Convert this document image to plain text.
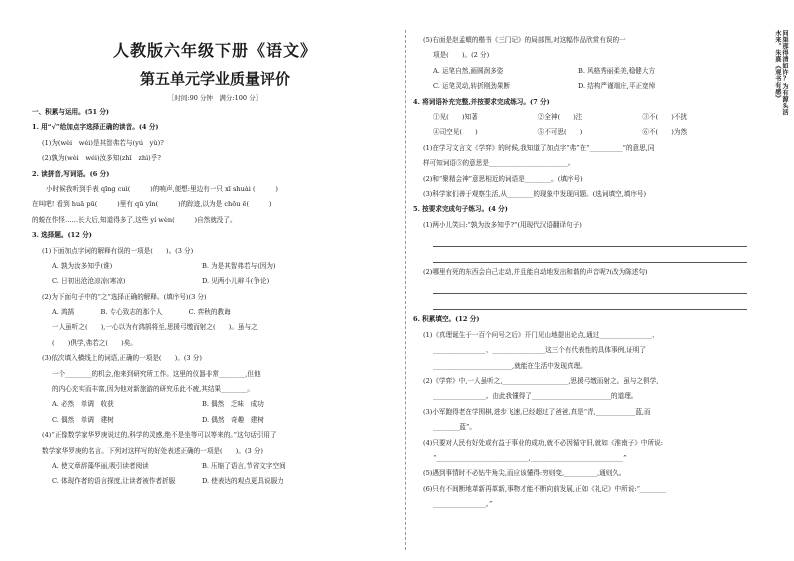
人教版六年级下册《语文》
第五单元学业质量评价
［时间:90 分钟　满分:100 分］
一、积累与运用。(51 分)
1. 用“√”给加点字选择正确的读音。(4 分)
(1)为(wèi　wéi)是其智弗若与(yú　yǔ)?
(2)孰为(wèi　wéi)汝多知(zhī　zhì)乎?
2. 读拼音,写词语。(6 分)
小时候我听到手表 qīng cuì(　　　)的响声,便想:里边有一只 xī shuài (　　　)
在叫吧! 看到 huā pū(　　　)里有 qū yǐn(　　　)的踪迹,以为是 chōu ē(　　　)
的蜕在作怪……长大后,知道得多了,这些 yí wèn(　　　)自然就没了。
3. 选择题。(12 分)
(1)下面加点字词的解释有误的一项是(　　)。(3 分)
A. 孰为汝多知乎(谁)	B. 为是其智弗若与(因为)
C. 日初出沧沧凉凉(寒凉)	D. 见两小儿辩斗(争论)
(2)为下面句子中的“之”选择正确的解释。(填序号)(3 分)
A. 鸿鹄　　　　B. 专心致志的那个人　　　　C. 弈秋的教诲
一人虽听之(　　),一心以为有鸿鹄将至,思援弓缴而射之(　　)。虽与之
(　　)俱学,弗若之(　　)矣。
(3)依次填入横线上的词语,正确的一项是(　　)。(3 分)
一个________的机会,他来到研究所工作。这里的仪器非常________,但他
的内心充实而丰富,因为他对新旅游的研究乐此不疲,其结果________。
A. 必然　单调　收获	B. 偶然　乏味　成功
C. 偶然　单调　建树	D. 偶然　奇趣　建树
(4)“正像数学家华罗庚说过的,科学的灵感,绝不是坐等可以等来的。”这句话引用了
数学家华罗庚的名言。下列对这样写的好处表述正确的一项是(　　)。(3 分)
A. 使文章辞藻华丽,吸引读者阅读	B. 压缩了语言,节省文字空间
C. 体现作者的语言探度,让读者被作者折服	D. 使表达的观点更具说服力
(5)右面是赵孟頫的楷书《三门记》的局部图,对这幅作品欣赏有误的一
项是(　　)。(2 分)
A. 运笔自然,画圆润多姿	B. 风格秀丽柔美,稳健大方
C. 运笔灵动,转折刚劲果断	D. 结构严谨端庄,平正宽绰
4. 将词语补充完整,并按要求完成练习。(7 分)
①见(　　)知著	②全神(　　)注	③不(　　)不扰
④司空见(　　)	⑤不可思(　　)	⑥不(　　)为然
(1)在学习文言文《学弈》的时候,我知道了加点字“弗”在“__________”的意思,同
样可知词语③的意思是________________________。
(2)和“聚精会神”意思相近的词语是________。(填序号)
(3)科学家们善于观察生活,从________的现象中发现问题。(选词填空,填序号)
5. 按要求完成句子练习。(4 分)
(1)两小儿笑曰:“孰为汝多知乎?”(用现代汉语翻译句子)
(2)哪里有死的东西会自己走动,并且能自动地发出和谐的声音呢?(改为陈述句)
6. 积累填空。(12 分)
(1)《真理诞生于一百个问号之后》开门见山地提出论点,通过________________、
________________、________________这三个有代表性的具体事例,证明了
________________________,就能在生活中发现真理。
(2)《学弈》中,一人虽听之,____________________,思援弓缴而射之。虽与之俱学,
________________。由此我懂得了________________________的道理。
(3)小军跑得老在学围棋,进步飞速,已经超过了爸爸,真是“青,____________蓝,而
________蓝”。
(4)只要对人民有好处或有益于事业的成功,就不必因循守旧,就如《淮南子》中所说:
“____________________________,____________________________”
(5)遇到事情时不必钻牛角尖,而应该懂得:穷则变,__________,通则久。
(6)只有不间断地革新再革新,事物才能不断向前发展,正如《礼记》中所说:“________
________________。”
问渠那得清如许?为有源头活水来。朱熹《观书有感》
